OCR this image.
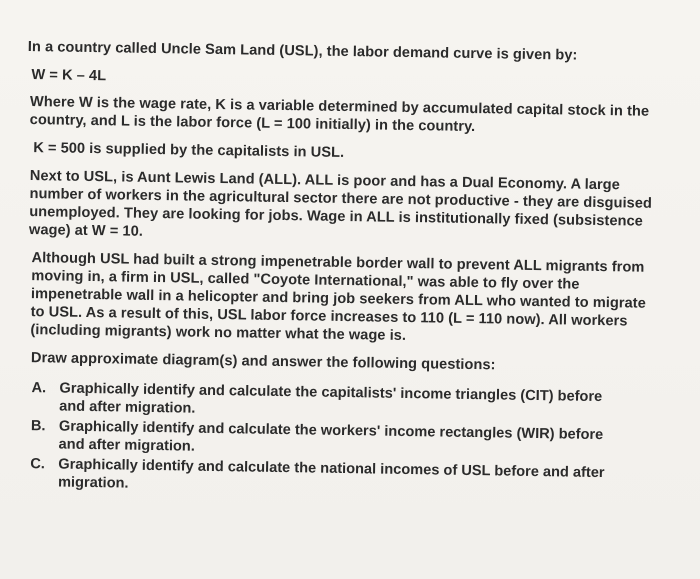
In a country called Uncle Sam Land (USL), the labor demand curve is given by:

W = K – 4L

Where W is the wage rate, K is a variable determined by accumulated capital stock in the country, and L is the labor force (L = 100 initially) in the country.

K = 500 is supplied by the capitalists in USL.

Next to USL, is Aunt Lewis Land (ALL). ALL is poor and has a Dual Economy. A large number of workers in the agricultural sector there are not productive - they are disguised unemployed. They are looking for jobs. Wage in ALL is institutionally fixed (subsistence wage) at W = 10.

Although USL had built a strong impenetrable border wall to prevent ALL migrants from moving in, a firm in USL, called "Coyote International," was able to fly over the impenetrable wall in a helicopter and bring job seekers from ALL who wanted to migrate to USL. As a result of this, USL labor force increases to 110 (L = 110 now). All workers (including migrants) work no matter what the wage is.

Draw approximate diagram(s) and answer the following questions:

A. Graphically identify and calculate the capitalists' income triangles (CIT) before and after migration.
B. Graphically identify and calculate the workers' income rectangles (WIR) before and after migration.
C. Graphically identify and calculate the national incomes of USL before and after migration.
